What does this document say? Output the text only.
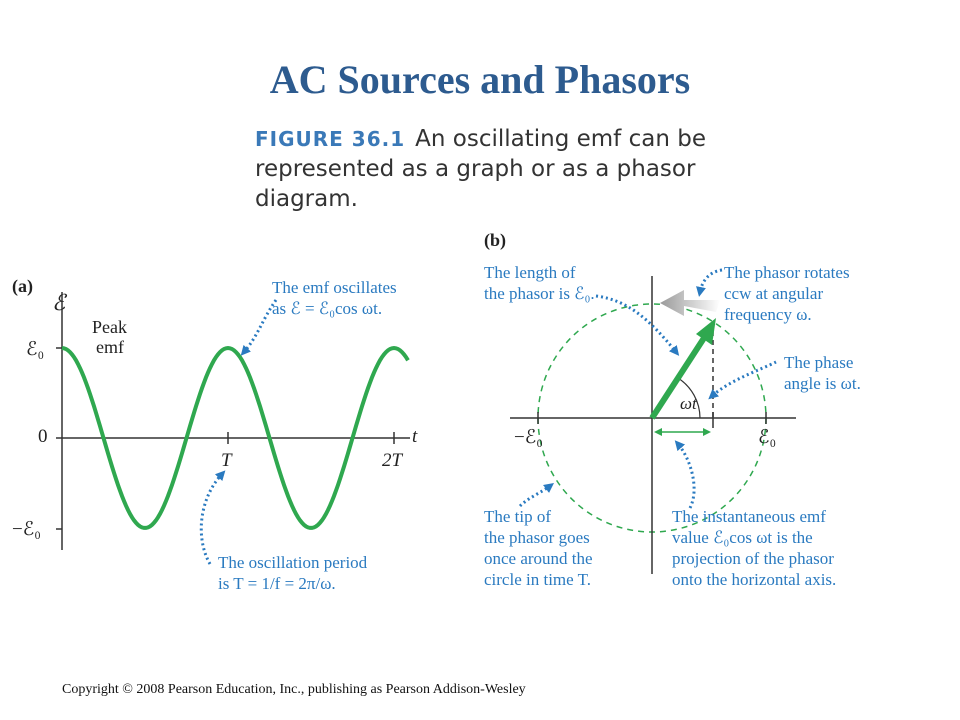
AC Sources and Phasors
FIGURE 36.1 An oscillating emf can be represented as a graph or as a phasor diagram.
(a)
ℰ
Peak
emf
ℰ₀
0
−ℰ₀
t
T	2T
The emf oscillates
as ℰ = ℰ₀cos ωt.
The oscillation period
is T = 1/f = 2π/ω.
(b)
The length of
the phasor is ℰ₀.
The phasor rotates
ccw at angular
frequency ω.
The phase
angle is ωt.
ωt
−ℰ₀	ℰ₀
The tip of
the phasor goes
once around the
circle in time T.
The instantaneous emf
value ℰ₀cos ωt is the
projection of the phasor
onto the horizontal axis.
Copyright © 2008 Pearson Education, Inc., publishing as Pearson Addison-Wesley
